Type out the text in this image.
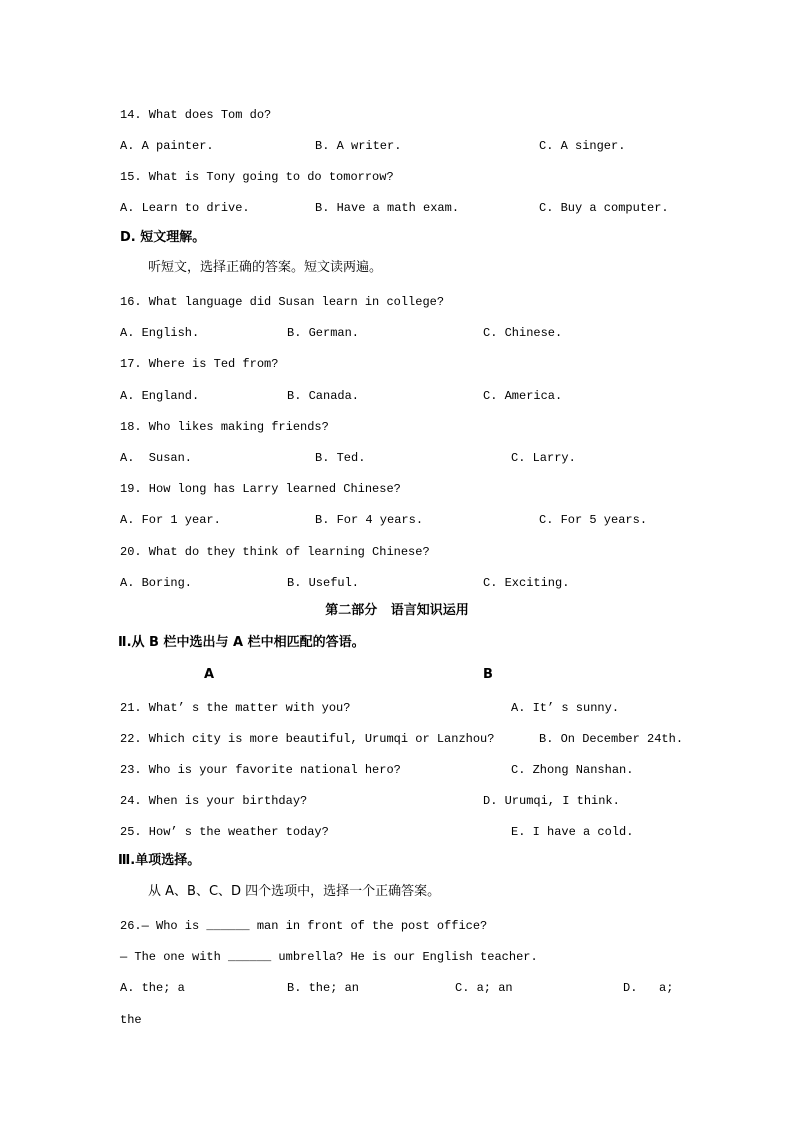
14. What does Tom do?
A. A painter.	B. A writer.	C. A singer.
15. What is Tony going to do tomorrow?
A. Learn to drive.	B. Have a math exam.	C. Buy a computer.
D. 短文理解。
听短文，选择正确的答案。短文读两遍。
16. What language did Susan learn in college?
A. English.	B. German.	C. Chinese.
17. Where is Ted from?
A. England.	B. Canada.	C. America.
18. Who likes making friends?
A.  Susan.	B. Ted.	C. Larry.
19. How long has Larry learned Chinese?
A. For 1 year.	B. For 4 years.	C. For 5 years.
20. What do they think of learning Chinese?
A. Boring.	B. Useful.	C. Exciting.
第二部分   语言知识运用
Ⅱ.从 B 栏中选出与 A 栏中相匹配的答语。
A	B
21. What’ s the matter with you?	A. It’ s sunny.
22. Which city is more beautiful, Urumqi or Lanzhou?	B. On December 24th.
23. Who is your favorite national hero?	C. Zhong Nanshan.
24. When is your birthday?	D. Urumqi, I think.
25. How’ s the weather today?	E. I have a cold.
Ⅲ.单项选择。
从 A、B、C、D 四个选项中，选择一个正确答案。
26.— Who is ______ man in front of the post office?
— The one with ______ umbrella? He is our English teacher.
A. the; a	B. the; an	C. a; an	D.   a;
the
